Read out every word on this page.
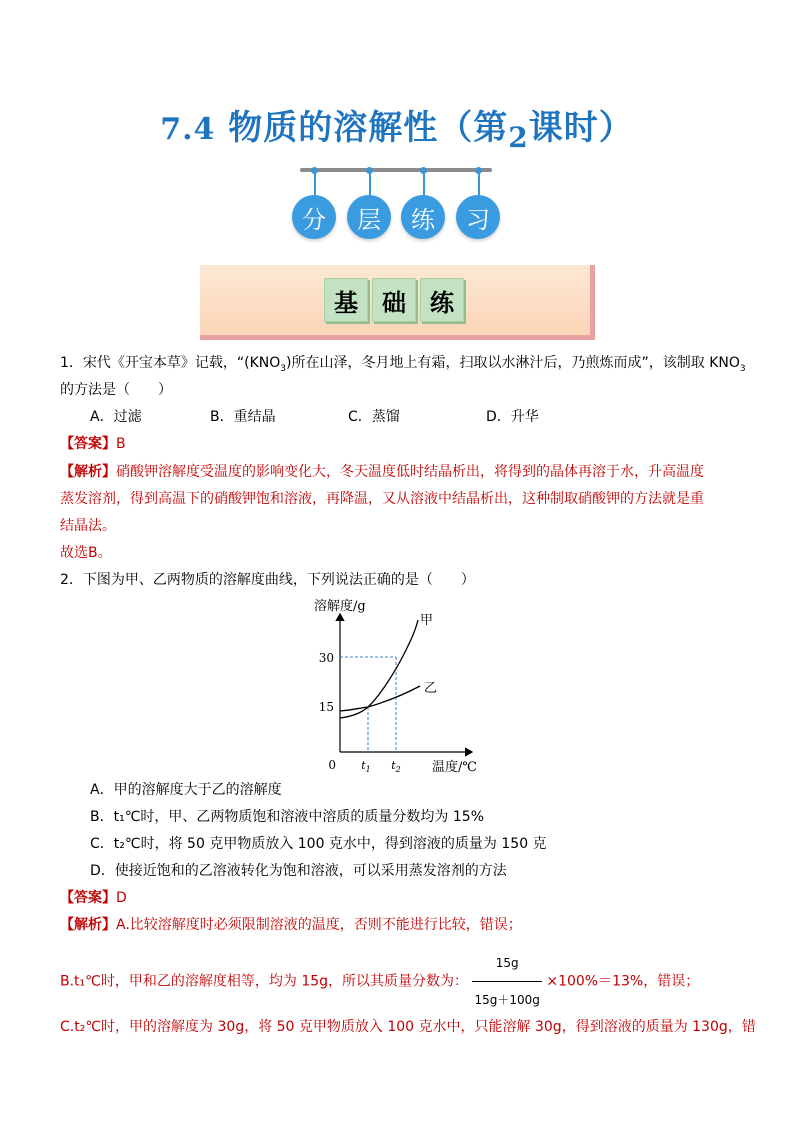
7.4 物质的溶解性（第$_2$课时）
分	层	练	习
基	础	练
1．宋代《开宝本草》记载，“$(KNO_3)$所在山泽，冬月地上有霜，扫取以水淋汁后，乃煎炼而成”，该制取 $KNO_3$
的方法是（　　）
A．过滤	B．重结晶	C．蒸馏	D．升华
【答案】B
【解析】硝酸钾溶解度受温度的影响变化大，冬天温度低时结晶析出，将得到的晶体再溶于水，升高温度
蒸发溶剂，得到高温下的硝酸钾饱和溶液，再降温，又从溶液中结晶析出，这种制取硝酸钾的方法就是重
结晶法。
故选B。
2．下图为甲、乙两物质的溶解度曲线，下列说法正确的是（　　）
溶解度/g
温度/℃
0
30
15
$t_1$ $t_2$
甲
乙
A．甲的溶解度大于乙的溶解度
B．t₁℃时，甲、乙两物质饱和溶液中溶质的质量分数均为 15%
C．t₂℃时，将 50 克甲物质放入 100 克水中，得到溶液的质量为 150 克
D．使接近饱和的乙溶液转化为饱和溶液，可以采用蒸发溶剂的方法
【答案】D
【解析】A.比较溶解度时必须限制溶液的温度，否则不能进行比较，错误；
B.t₁℃时，甲和乙的溶解度相等，均为 15g，所以其质量分数为： $\frac{15g}{15g+100g} \times 100\%=13\%$，错误；
C.t₂℃时，甲的溶解度为 30g，将 50 克甲物质放入 100 克水中，只能溶解 30g，得到溶液的质量为 130g，错
